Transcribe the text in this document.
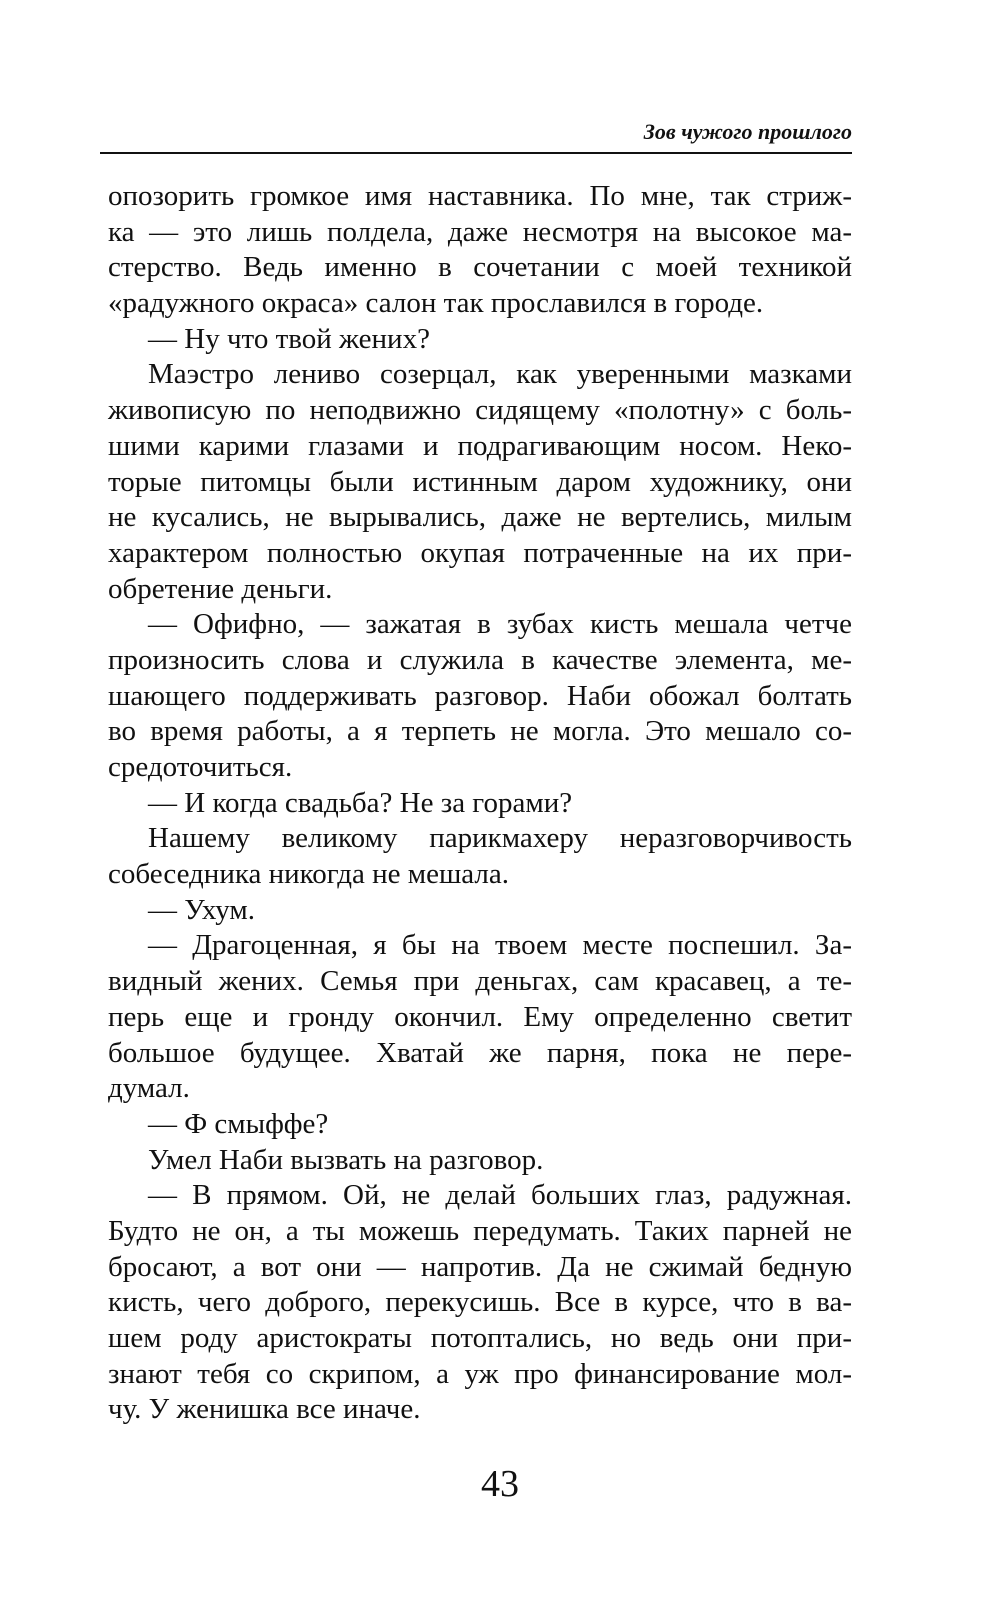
Зов чужого прошлого
опозорить громкое имя наставника. По мне, так стриж-
ка — это лишь полдела, даже несмотря на высокое ма-
стерство. Ведь именно в сочетании с моей техникой
«радужного окраса» салон так прославился в городе.
— Ну что твой жених?
Маэстро лениво созерцал, как уверенными мазками
живописую по неподвижно сидящему «полотну» с боль-
шими карими глазами и подрагивающим носом. Неко-
торые питомцы были истинным даром художнику, они
не кусались, не вырывались, даже не вертелись, милым
характером полностью окупая потраченные на их при-
обретение деньги.
— Офифно, — зажатая в зубах кисть мешала четче
произносить слова и служила в качестве элемента, ме-
шающего поддерживать разговор. Наби обожал болтать
во время работы, а я терпеть не могла. Это мешало со-
средоточиться.
— И когда свадьба? Не за горами?
Нашему великому парикмахеру неразговорчивость
собеседника никогда не мешала.
— Ухум.
— Драгоценная, я бы на твоем месте поспешил. За-
видный жених. Семья при деньгах, сам красавец, а те-
перь еще и гронду окончил. Ему определенно светит
большое будущее. Хватай же парня, пока не пере-
думал.
— Ф смыффе?
Умел Наби вызвать на разговор.
— В прямом. Ой, не делай больших глаз, радужная.
Будто не он, а ты можешь передумать. Таких парней не
бросают, а вот они — напротив. Да не сжимай бедную
кисть, чего доброго, перекусишь. Все в курсе, что в ва-
шем роду аристократы потоптались, но ведь они при-
знают тебя со скрипом, а уж про финансирование мол-
чу. У женишка все иначе.
43
